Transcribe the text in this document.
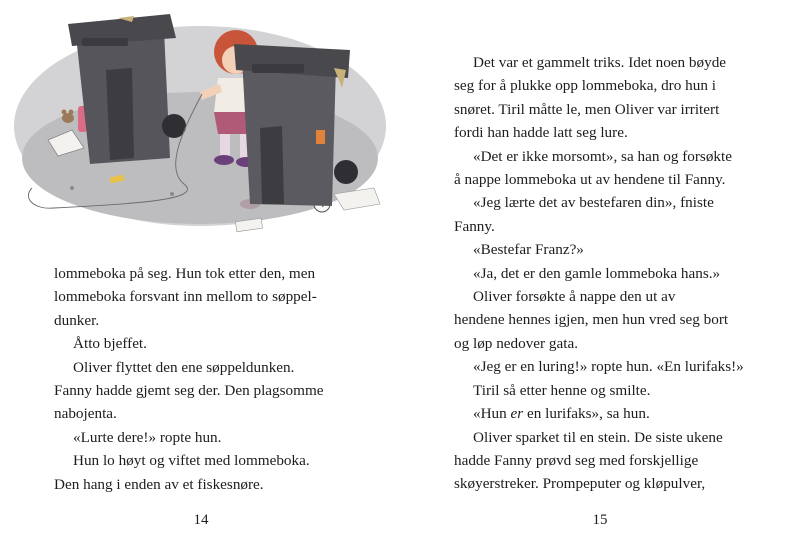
lommeboka på seg. Hun tok etter den, men
lommeboka forsvant inn mellom to søppel-
dunker.
Åtto bjeffet.
Oliver flyttet den ene søppeldunken.
Fanny hadde gjemt seg der. Den plagsomme
nabojenta.
«Lurte dere!» ropte hun.
Hun lo høyt og viftet med lommeboka.
Den hang i enden av et fiskesnøre.
14
Det var et gammelt triks. Idet noen bøyde
seg for å plukke opp lommeboka, dro hun i
snøret. Tiril måtte le, men Oliver var irritert
fordi han hadde latt seg lure.
«Det er ikke morsomt», sa han og forsøkte
å nappe lommeboka ut av hendene til Fanny.
«Jeg lærte det av bestefaren din», fniste
Fanny.
«Bestefar Franz?»
«Ja, det er den gamle lommeboka hans.»
Oliver forsøkte å nappe den ut av
hendene hennes igjen, men hun vred seg bort
og løp nedover gata.
«Jeg er en luring!» ropte hun. «En lurifaks!»
Tiril så etter henne og smilte.
«Hun er en lurifaks», sa hun.
Oliver sparket til en stein. De siste ukene
hadde Fanny prøvd seg med forskjellige
skøyerstreker. Prompeputer og kløpulver,
15
